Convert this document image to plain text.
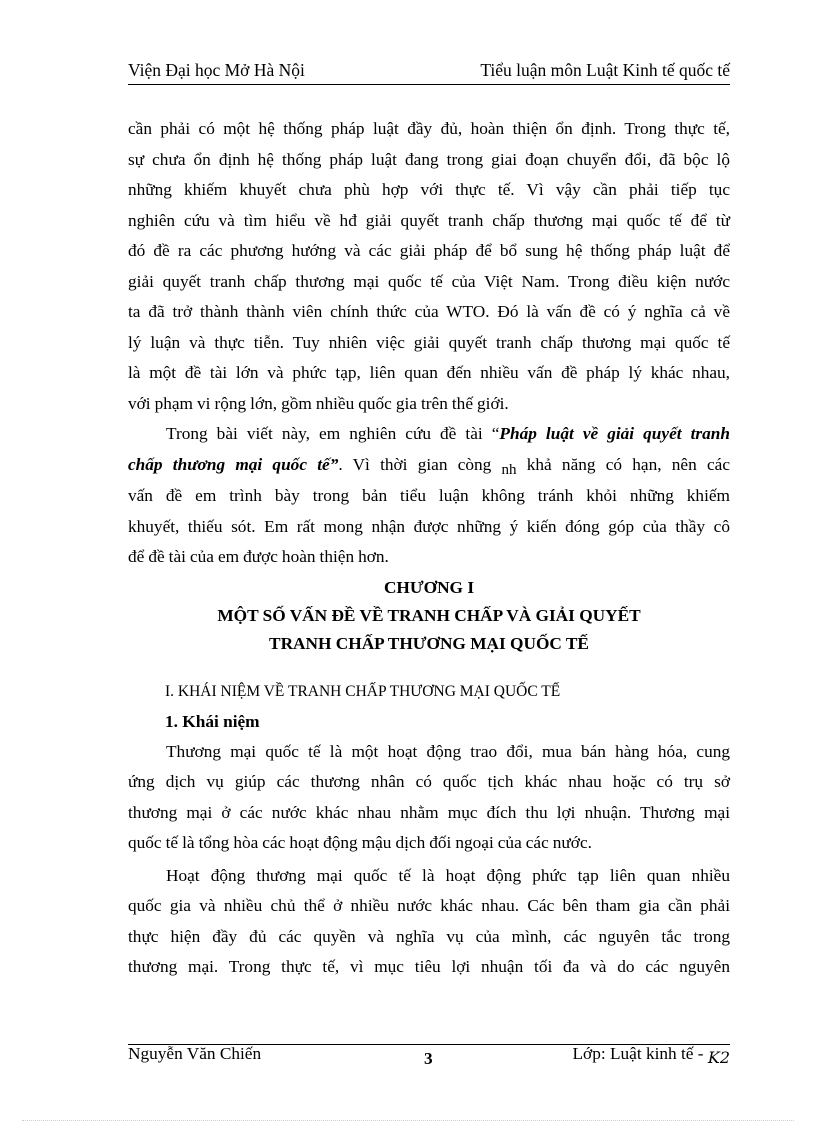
Viện Đại học Mở Hà Nội	Tiểu luận môn Luật Kinh tế quốc tế

cần phải có một hệ thống pháp luật đầy đủ, hoàn thiện ổn định. Trong thực tế,

sự chưa ổn định hệ thống pháp luật đang trong giai đoạn chuyển đổi, đã bộc lộ

những khiếm khuyết chưa phù hợp với thực tế. Vì vậy cần phải tiếp tục

nghiên cứu và tìm hiểu về hđ giải quyết tranh chấp thương mại quốc tế để từ

đó đề ra các phương hướng và các giải pháp để bổ sung hệ thống pháp luật để

giải quyết tranh chấp thương mại quốc tế của Việt Nam. Trong điều kiện nước

ta đã trở thành thành viên chính thức của WTO. Đó là vấn đề có ý nghĩa cả về

lý luận và thực tiễn. Tuy nhiên việc giải quyết tranh chấp thương mại quốc tế

là một đề tài lớn và phức tạp, liên quan đến nhiều vấn đề pháp lý khác nhau,

với phạm vi rộng lớn, gồm nhiều quốc gia trên thế giới.

Trong bài viết này, em nghiên cứu đề tài “Pháp luật về giải quyết tranh

chấp thương mại quốc tế”. Vì thời gian còng nh khả năng có hạn, nên các

vấn đề em trình bày trong bản tiểu luận không tránh khỏi những khiếm

khuyết, thiếu sót. Em rất mong nhận được những ý kiến đóng góp của thầy cô

để đề tài của em được hoàn thiện hơn.

CHƯƠNG I

MỘT SỐ VẤN ĐỀ VỀ TRANH CHẤP VÀ GIẢI QUYẾT

TRANH CHẤP THƯƠNG MẠI QUỐC TẾ

I. KHÁI NIỆM VỀ TRANH CHẤP THƯƠNG MẠI QUỐC TẾ

1. Khái niệm

Thương mại quốc tế là một hoạt động trao đổi, mua bán hàng hóa, cung

ứng dịch vụ giúp các thương nhân có quốc tịch khác nhau hoặc có trụ sở

thương mại ở các nước khác nhau nhằm mục đích thu lợi nhuận. Thương mại

quốc tế là tổng hòa các hoạt động mậu dịch đối ngoại của các nước.

Hoạt động thương mại quốc tế là hoạt động phức tạp liên quan nhiều

quốc gia và nhiều chủ thể ở nhiều nước khác nhau. Các bên tham gia cần phải

thực hiện đầy đủ các quyền và nghĩa vụ của mình, các nguyên tắc trong

thương mại. Trong thực tế, vì mục tiêu lợi nhuận tối đa và do các nguyên

Nguyễn Văn Chiến	3	Lớp: Luật kinh tế - K2
